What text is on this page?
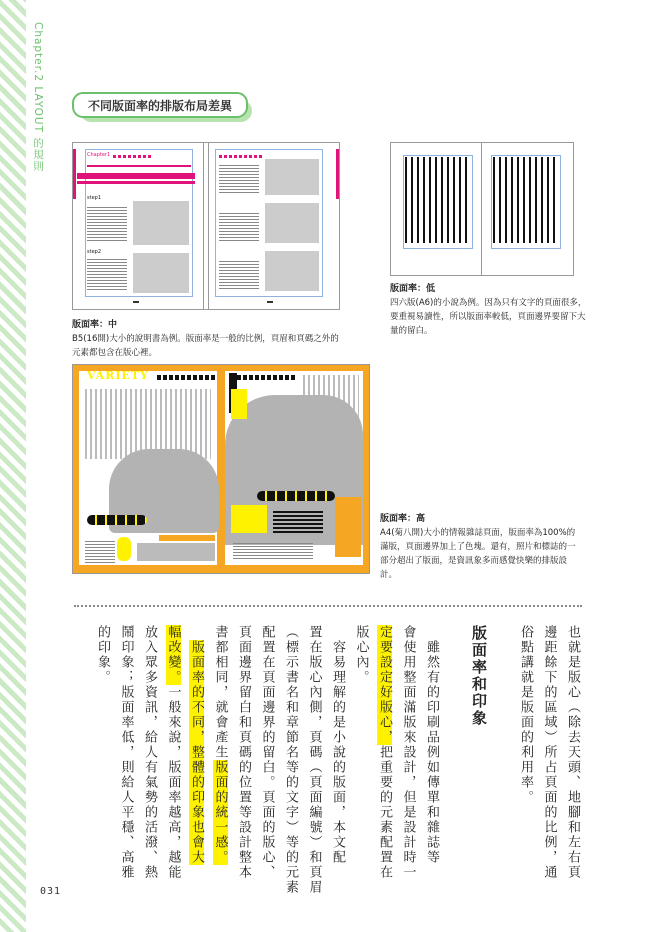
Chapter.2 LAYOUT 的規則
031
不同版面率的排版布局差異
Chapter1
step1
step2
版面率：中
B5(16開)大小的說明書為例。版面率是一般的比例，頁眉和頁碼之外的元素都包含在版心裡。
版面率：低
四六版(A6)的小說為例。因為只有文字的頁面很多，要重視易讀性，所以版面率較低，頁面邊界要留下大量的留白。
VARIETY
版面率：高
A4(菊八開)大小的情報雜誌頁面，版面率為100%的滿版，頁面邊界加上了色塊。還有，照片和標誌的一部分超出了版面，是資訊象多而感覺快樂的排版設計。
也就是版心（除去天頭、地腳和左右頁
邊距餘下的區域）所占頁面的比例，通
俗點講就是版面的利用率。
版面率和印象
　雖然有的印刷品例如傳單和雜誌等
會使用整面滿版來設計，但是設計時一
定要設定好版心，把重要的元素配置在
版心內。
　容易理解的是小說的版面，本文配
置在版心內側，頁碼（頁面編號）和頁眉
（標示書名和章節名等的文字）等的元素
配置在頁面邊界的留白。頁面的版心、
頁面邊界留白和頁碼的位置等設計整本
書都相同，就會產生版面的統一感。
　版面率的不同，整體的印象也會大
幅改變。一般來說，版面率越高，越能
放入眾多資訊，給人有氣勢的活潑、熱
鬧印象；版面率低，則給人平穩、高雅
的印象。
